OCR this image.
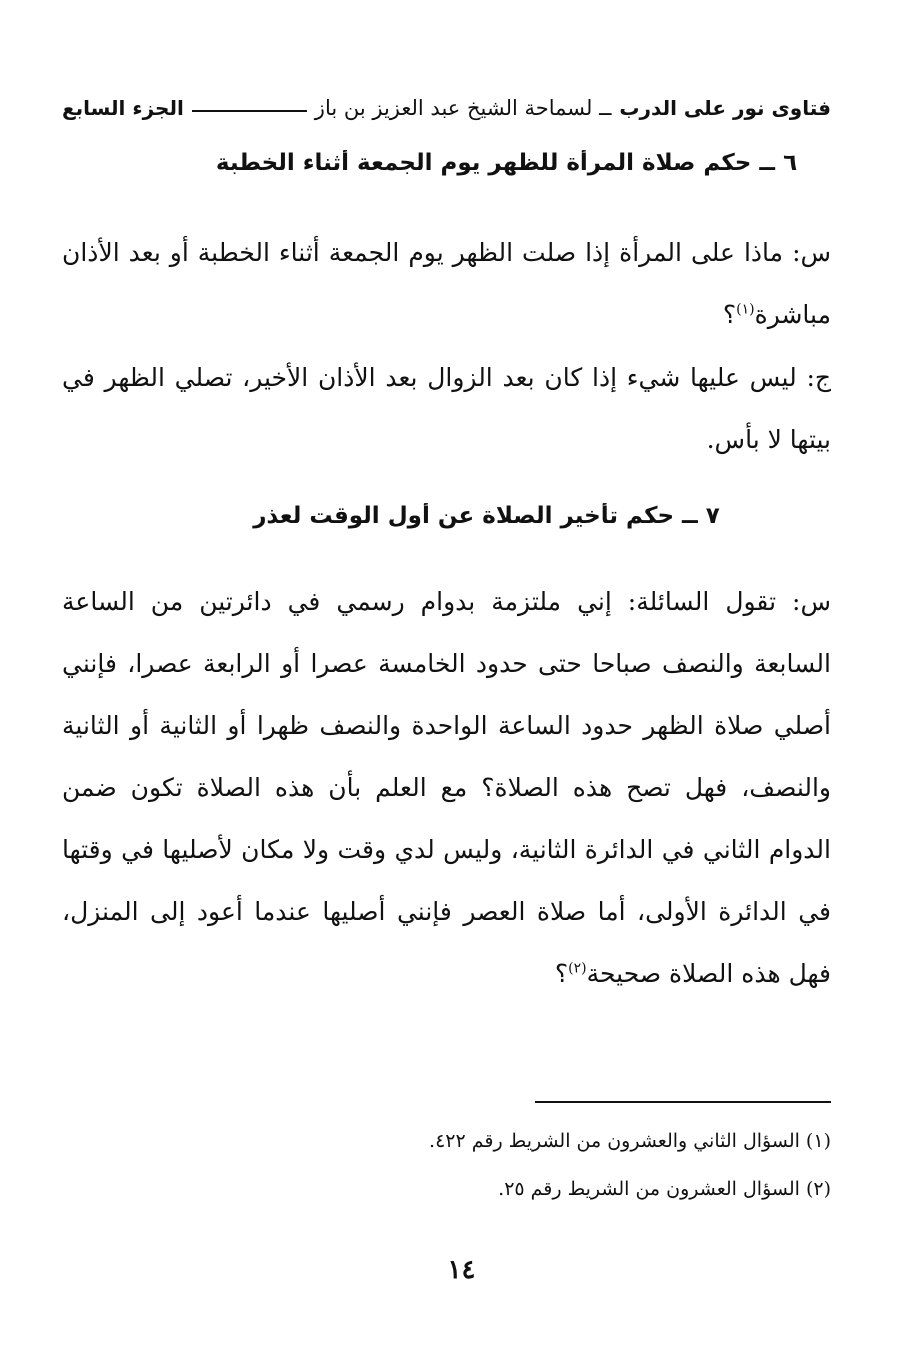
فتاوى نور على الدرب
ــ لسماحة الشيخ عبد العزيز بن باز
الجزء السابع
٦ ــ حكم صلاة المرأة للظهر يوم الجمعة أثناء الخطبة
س: ماذا على المرأة إذا صلت الظهر يوم الجمعة أثناء الخطبة أو بعد الأذان مباشرة$^{(١)}$؟
ج: ليس عليها شيء إذا كان بعد الزوال بعد الأذان الأخير، تصلي الظهر في بيتها لا بأس.
٧ ــ حكم تأخير الصلاة عن أول الوقت لعذر
س: تقول السائلة: إني ملتزمة بدوام رسمي في دائرتين من الساعة السابعة والنصف صباحا حتى حدود الخامسة عصرا أو الرابعة عصرا، فإنني أصلي صلاة الظهر حدود الساعة الواحدة والنصف ظهرا أو الثانية أو الثانية والنصف، فهل تصح هذه الصلاة؟ مع العلم بأن هذه الصلاة تكون ضمن الدوام الثاني في الدائرة الثانية، وليس لدي وقت ولا مكان لأصليها في وقتها في الدائرة الأولى، أما صلاة العصر فإنني أصليها عندما أعود إلى المنزل، فهل هذه الصلاة صحيحة$^{(٢)}$؟
(١) السؤال الثاني والعشرون من الشريط رقم ٤٢٢.
(٢) السؤال العشرون من الشريط رقم ٢٥.
١٤
